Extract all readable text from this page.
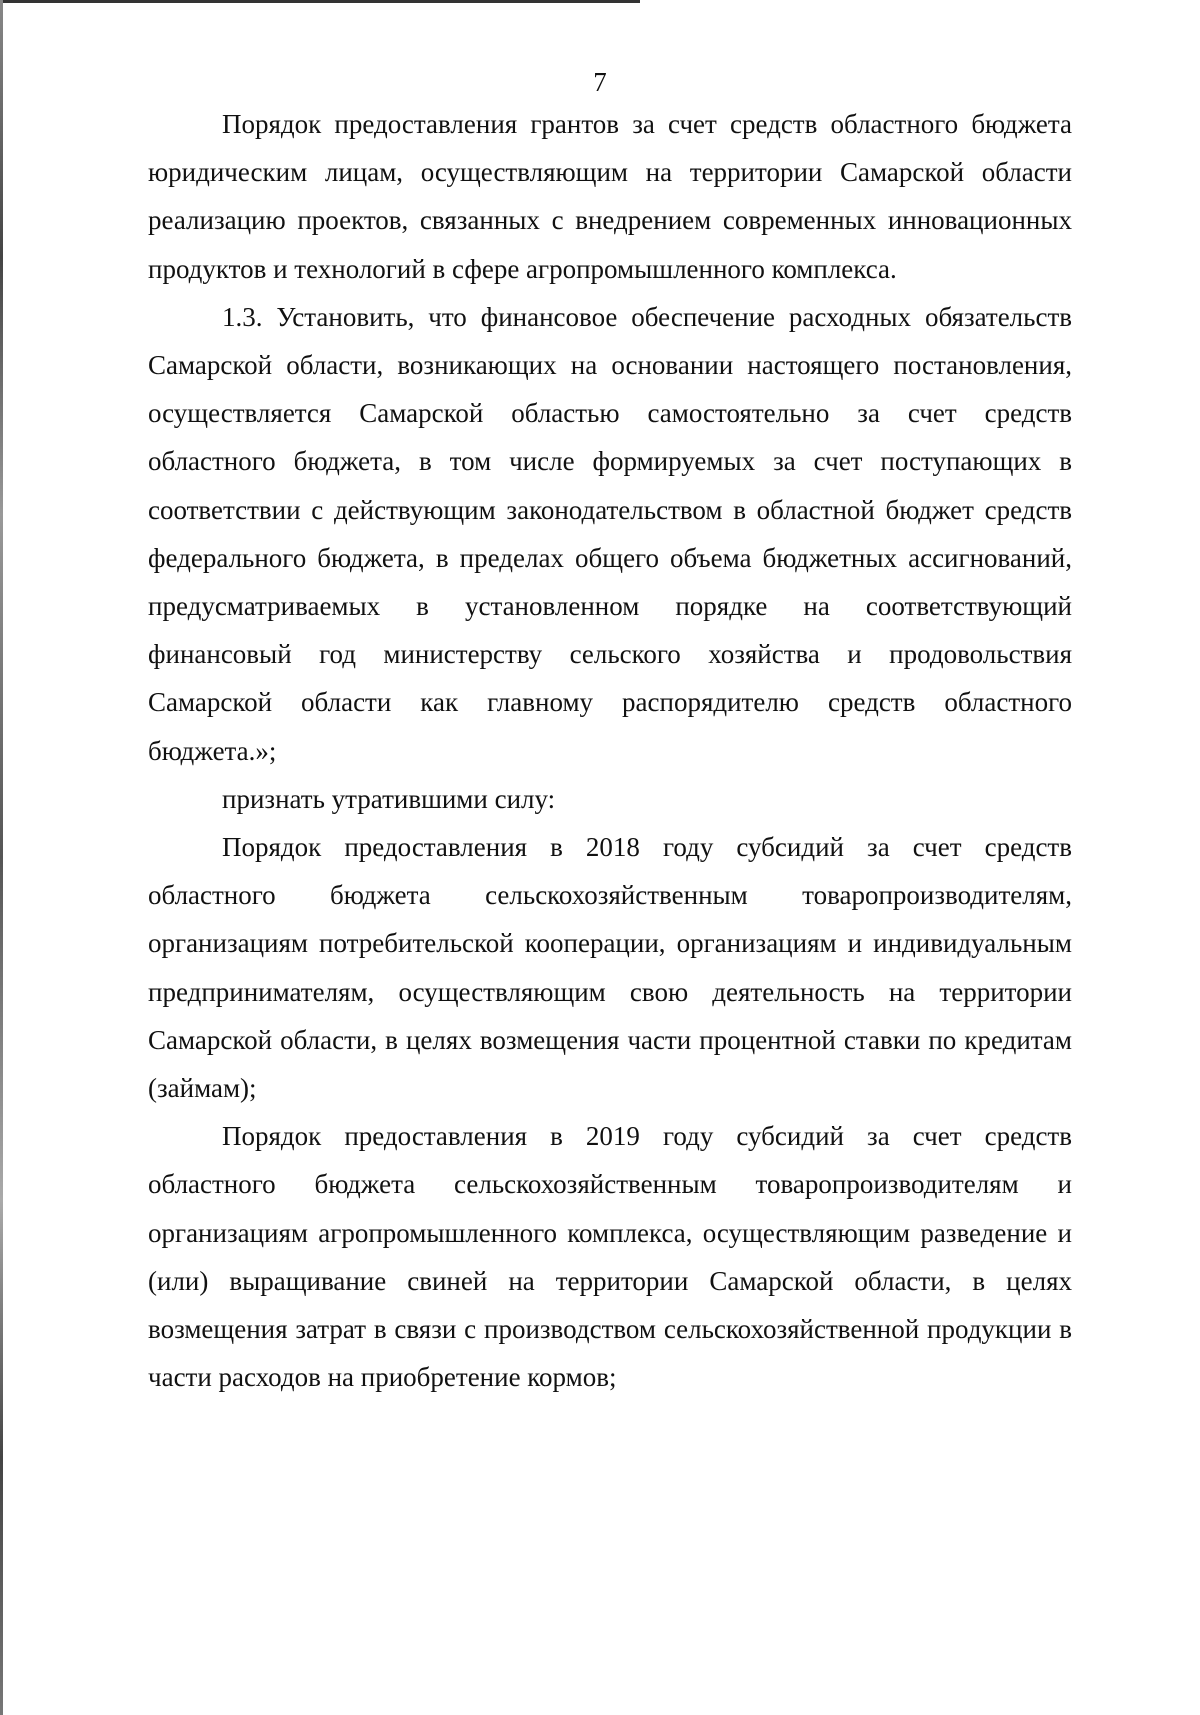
7

Порядок предоставления грантов за счет средств областного бюджета юридическим лицам, осуществляющим на территории Самарской области реализацию проектов, связанных с внедрением современных инновационных продуктов и технологий в сфере агропромышленного комплекса.

1.3. Установить, что финансовое обеспечение расходных обязательств Самарской области, возникающих на основании настоящего постановления, осуществляется Самарской областью самостоятельно за счет средств областного бюджета, в том числе формируемых за счет поступающих в соответствии с действующим законодательством в областной бюджет средств федерального бюджета, в пределах общего объема бюджетных ассигнований, предусматриваемых в установленном порядке на соответствующий финансовый год министерству сельского хозяйства и продовольствия Самарской области как главному распорядителю средств областного бюджета.»;

признать утратившими силу:

Порядок предоставления в 2018 году субсидий за счет средств областного бюджета сельскохозяйственным товаропроизводителям, организациям потребительской кооперации, организациям и индивидуальным предпринимателям, осуществляющим свою деятельность на территории Самарской области, в целях возмещения части процентной ставки по кредитам (займам);

Порядок предоставления в 2019 году субсидий за счет средств областного бюджета сельскохозяйственным товаропроизводителям и организациям агропромышленного комплекса, осуществляющим разведение и (или) выращивание свиней на территории Самарской области, в целях возмещения затрат в связи с производством сельскохозяйственной продукции в части расходов на приобретение кормов;
